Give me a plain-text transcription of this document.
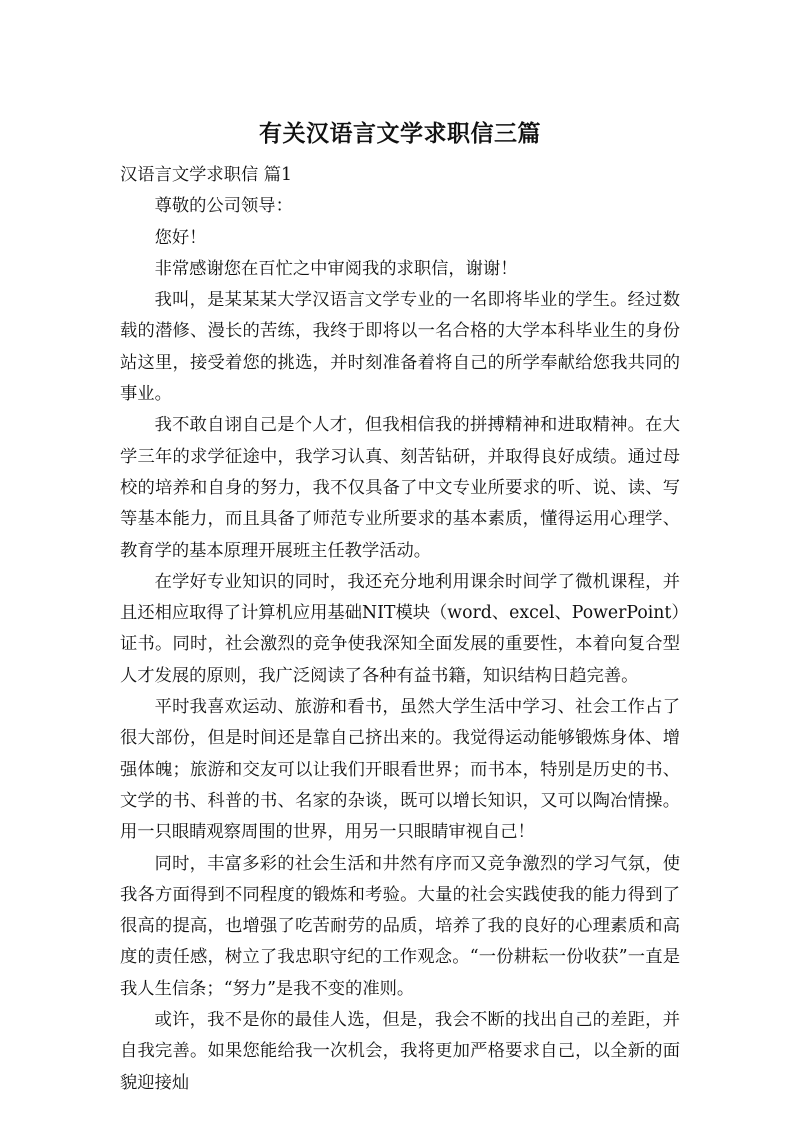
有关汉语言文学求职信三篇

汉语言文学求职信 篇1

尊敬的公司领导：

您好！

非常感谢您在百忙之中审阅我的求职信，谢谢！

我叫，是某某某大学汉语言文学专业的一名即将毕业的学生。经过数载的潜修、漫长的苦练，我终于即将以一名合格的大学本科毕业生的身份站这里，接受着您的挑选，并时刻准备着将自己的所学奉献给您我共同的事业。

我不敢自诩自己是个人才，但我相信我的拼搏精神和进取精神。在大学三年的求学征途中，我学习认真、刻苦钻研，并取得良好成绩。通过母校的培养和自身的努力，我不仅具备了中文专业所要求的听、说、读、写等基本能力，而且具备了师范专业所要求的基本素质，懂得运用心理学、教育学的基本原理开展班主任教学活动。

在学好专业知识的同时，我还充分地利用课余时间学了微机课程，并且还相应取得了计算机应用基础NIT模块（word、excel、PowerPoint）证书。同时，社会激烈的竞争使我深知全面发展的重要性，本着向复合型人才发展的原则，我广泛阅读了各种有益书籍，知识结构日趋完善。

平时我喜欢运动、旅游和看书，虽然大学生活中学习、社会工作占了很大部份，但是时间还是靠自己挤出来的。我觉得运动能够锻炼身体、增强体魄；旅游和交友可以让我们开眼看世界；而书本，特别是历史的书、文学的书、科普的书、名家的杂谈，既可以增长知识，又可以陶冶情操。用一只眼睛观察周围的世界，用另一只眼睛审视自己！

同时，丰富多彩的社会生活和井然有序而又竞争激烈的学习气氛，使我各方面得到不同程度的锻炼和考验。大量的社会实践使我的能力得到了很高的提高，也增强了吃苦耐劳的品质，培养了我的良好的心理素质和高度的责任感，树立了我忠职守纪的工作观念。“一份耕耘一份收获”一直是我人生信条；“努力”是我不变的准则。

或许，我不是你的最佳人选，但是，我会不断的找出自己的差距，并自我完善。如果您能给我一次机会，我将更加严格要求自己，以全新的面貌迎接灿
